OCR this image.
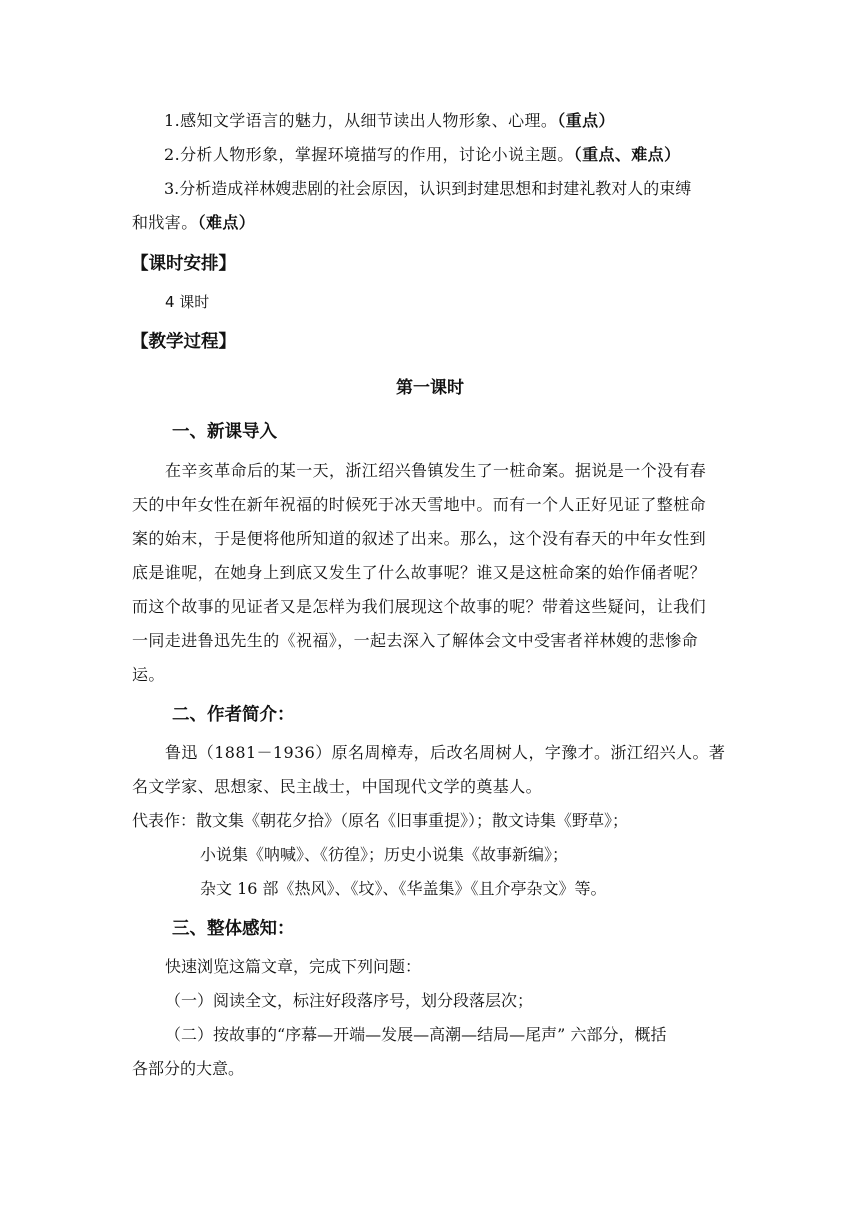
1.感知文学语言的魅力，从细节读出人物形象、心理。（重点）
2.分析人物形象，掌握环境描写的作用，讨论小说主题。（重点、难点）
3.分析造成祥林嫂悲剧的社会原因，认识到封建思想和封建礼教对人的束缚
和戕害。（难点）
【课时安排】
4 课时
【教学过程】
第一课时
一、新课导入
在辛亥革命后的某一天，浙江绍兴鲁镇发生了一桩命案。据说是一个没有春
天的中年女性在新年祝福的时候死于冰天雪地中。而有一个人正好见证了整桩命
案的始末，于是便将他所知道的叙述了出来。那么，这个没有春天的中年女性到
底是谁呢，在她身上到底又发生了什么故事呢？谁又是这桩命案的始作俑者呢？
而这个故事的见证者又是怎样为我们展现这个故事的呢？带着这些疑问，让我们
一同走进鲁迅先生的《祝福》，一起去深入了解体会文中受害者祥林嫂的悲惨命
运。
二、作者简介：
鲁迅（1881－1936）原名周樟寿，后改名周树人，字豫才。浙江绍兴人。著
名文学家、思想家、民主战士，中国现代文学的奠基人。
代表作：散文集《朝花夕拾》（原名《旧事重提》）；散文诗集《野草》；
小说集《呐喊》、《彷徨》；历史小说集《故事新编》；
杂文 16 部《热风》、《坟》、《华盖集》《且介亭杂文》等。
三、整体感知：
快速浏览这篇文章，完成下列问题：
（一）阅读全文，标注好段落序号，划分段落层次；
（二）按故事的“序幕—开端—发展—高潮—结局—尾声” 六部分，概括
各部分的大意。
